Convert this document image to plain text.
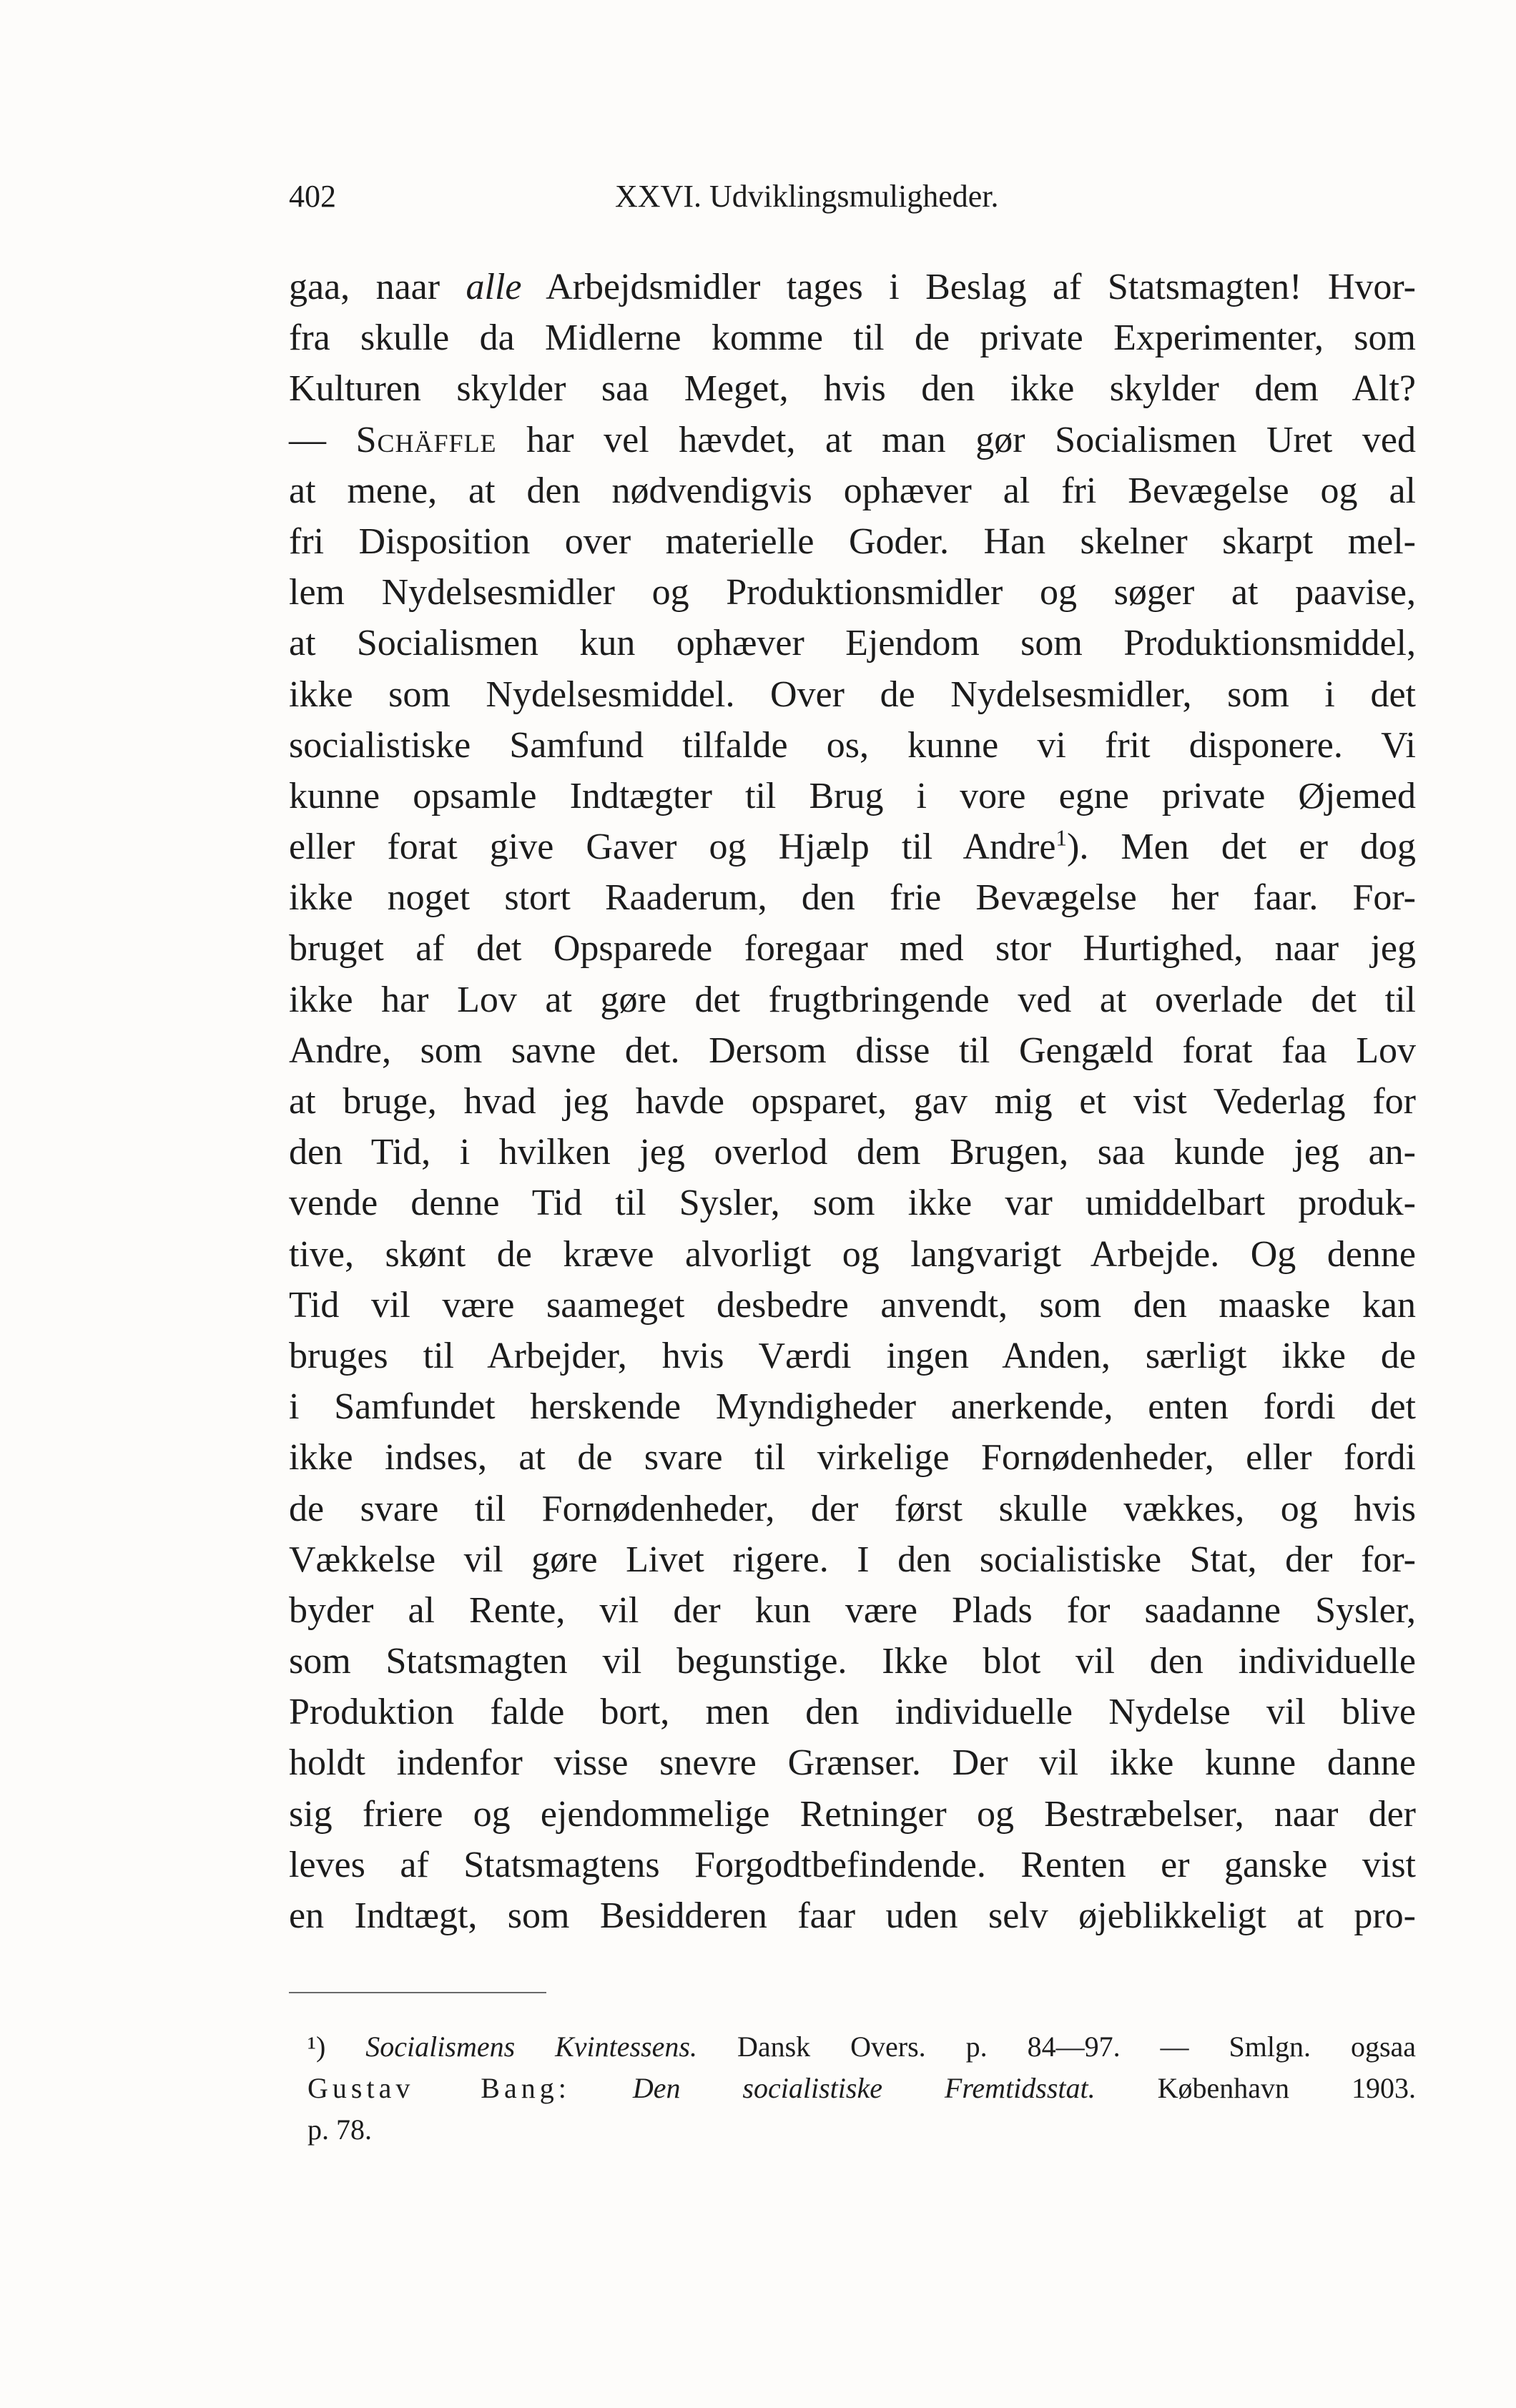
402	XXVI. Udviklingsmuligheder.
gaa, naar alle Arbejdsmidler tages i Beslag af Statsmagten! Hvor-
fra skulle da Midlerne komme til de private Experimenter, som
Kulturen skylder saa Meget, hvis den ikke skylder dem Alt?
— Schäffle har vel hævdet, at man gør Socialismen Uret ved
at mene, at den nødvendigvis ophæver al fri Bevægelse og al
fri Disposition over materielle Goder. Han skelner skarpt mel-
lem Nydelsesmidler og Produktionsmidler og søger at paavise,
at Socialismen kun ophæver Ejendom som Produktionsmiddel,
ikke som Nydelsesmiddel. Over de Nydelsesmidler, som i det
socialistiske Samfund tilfalde os, kunne vi frit disponere. Vi
kunne opsamle Indtægter til Brug i vore egne private Øjemed
eller forat give Gaver og Hjælp til Andre$^1$). Men det er dog
ikke noget stort Raaderum, den frie Bevægelse her faar. For-
bruget af det Opsparede foregaar med stor Hurtighed, naar jeg
ikke har Lov at gøre det frugtbringende ved at overlade det til
Andre, som savne det. Dersom disse til Gengæld forat faa Lov
at bruge, hvad jeg havde opsparet, gav mig et vist Vederlag for
den Tid, i hvilken jeg overlod dem Brugen, saa kunde jeg an-
vende denne Tid til Sysler, som ikke var umiddelbart produk-
tive, skønt de kræve alvorligt og langvarigt Arbejde. Og denne
Tid vil være saameget desbedre anvendt, som den maaske kan
bruges til Arbejder, hvis Værdi ingen Anden, særligt ikke de
i Samfundet herskende Myndigheder anerkende, enten fordi det
ikke indses, at de svare til virkelige Fornødenheder, eller fordi
de svare til Fornødenheder, der først skulle vækkes, og hvis
Vækkelse vil gøre Livet rigere. I den socialistiske Stat, der for-
byder al Rente, vil der kun være Plads for saadanne Sysler,
som Statsmagten vil begunstige. Ikke blot vil den individuelle
Produktion falde bort, men den individuelle Nydelse vil blive
holdt indenfor visse snevre Grænser. Der vil ikke kunne danne
sig friere og ejendommelige Retninger og Bestræbelser, naar der
leves af Statsmagtens Forgodtbefindende. Renten er ganske vist
en Indtægt, som Besidderen faar uden selv øjeblikkeligt at pro-
¹) Socialismens Kvintessens. Dansk Overs. p. 84—97. — Smlgn. ogsaa
Gustav Bang: Den socialistiske Fremtidsstat. København 1903.
p. 78.
